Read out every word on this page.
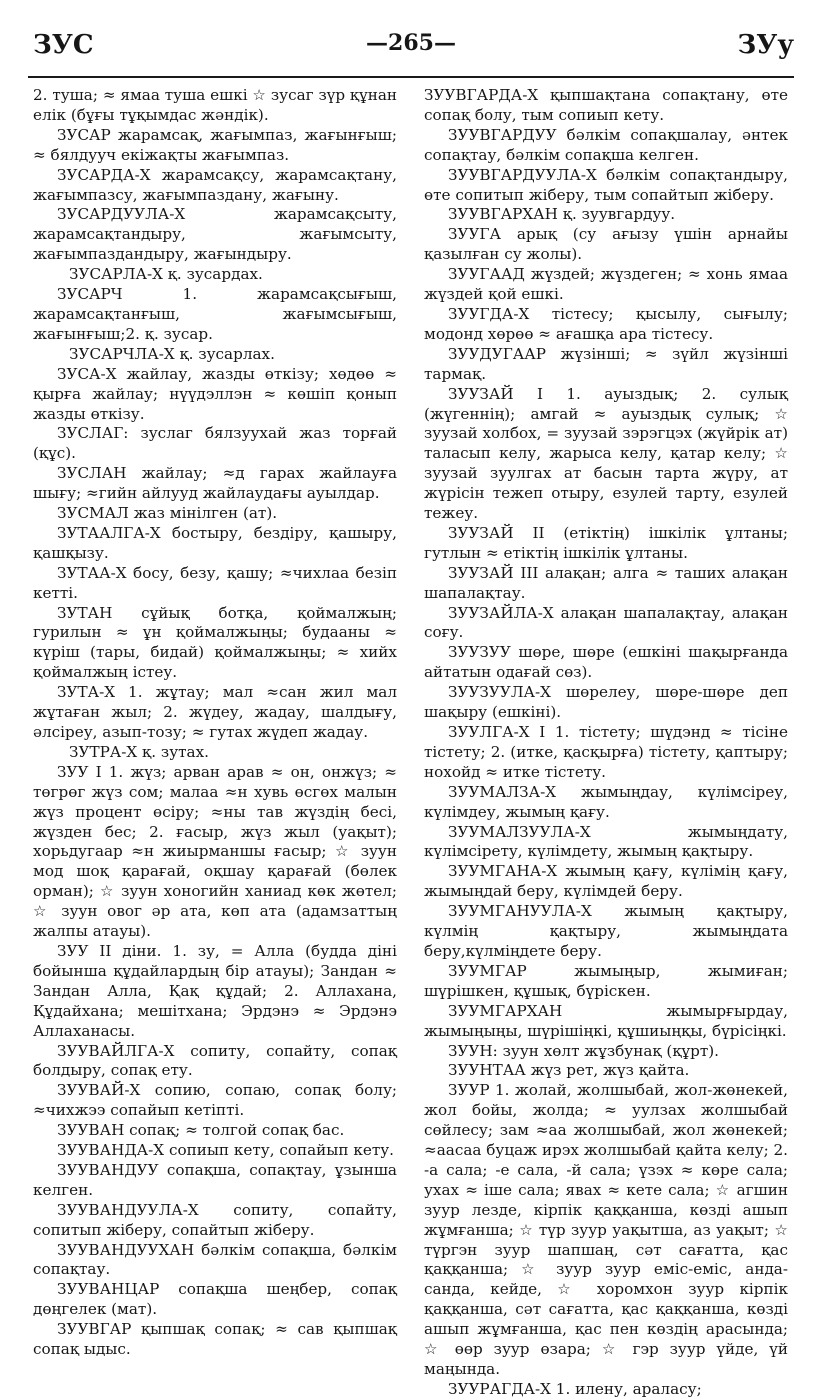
ЗУС	—265—	ЗУу

2. туша; ≈ ямаа туша ешкі ☆ зусаг зүр құнан елік (бұғы тұқымдас жәндік).

ЗУСАР жарамсақ, жағымпаз, жағынғыш; ≈ бялдууч екіжақты жағымпаз.

ЗУСАРДА-Х жарамсақсу, жарамсақтану, жағымпазсу, жағымпаздану, жағыну.

ЗУСАРДУУЛА-Х жарамсақсыту, жарамсақтандыру, жағымсыту, жағымпаздандыру, жағындыру.

ЗУСАРЛА-Х қ. зусардах.

ЗУСАРЧ 1. жарамсақсығыш, жарамсақтанғыш, жағымсығыш, жағынғыш;2. қ. зусар.

ЗУСАРЧЛА-Х қ. зусарлах.

ЗУСА-Х жайлау, жазды өткізу; хөдөө ≈ қырға жайлау; нүүдэллэн ≈ көшіп қонып жазды өткізу.

ЗУСЛАГ: зуслаг бялзуухай жаз торғай (құс).

ЗУСЛАН жайлау; ≈д гарах жайлауға шығу; ≈гийн айлууд жайлаудағы ауылдар.

ЗУСМАЛ жаз мінілген (ат).

ЗУТААЛГА-Х бостыру, бездіру, қашыру, қашқызу.

ЗУТАА-Х босу, безу, қашу; ≈чихлаа безіп кетті.

ЗУТАН сұйық ботқа, қоймалжың; гурилын ≈ ұн қоймалжыңы; будааны ≈ күріш (тары, бидай) қоймалжыңы; ≈ хийх қоймалжың істеу.

ЗУТА-Х 1. жұтау; мал ≈сан жил мал жұтаған жыл; 2. жүдеу, жадау, шалдығу, әлсіреу, азып-тозу; ≈ гутах жүдеп жадау.

ЗУТРА-Х қ. зутах.

ЗУУ I 1. жүз; арван арав ≈ он, онжүз; ≈ төгрөг жүз сом; малаа ≈н хувь өсгөх малын жүз процент өсіру; ≈ны тав жүздің бесі, жүзден бес; 2. ғасыр, жүз жыл (уақыт); хорьдугаар ≈н жиырманшы ғасыр; ☆ зуун мод шоқ қарағай, оқшау қарағай (бөлек орман); ☆ зуун хоногийн ханиад көк жөтел; ☆ зуун овог әр ата, көп ата (адамзаттың жалпы атауы).

ЗУУ II діни. 1. зу, = Алла (будда діні бойынша құдайлардың бір атауы); Зандан ≈ Зандан Алла, Қақ құдай; 2. Аллахана, Құдайхана; мешітхана; Эрдэнэ ≈ Эрдэнэ Аллаханасы.

ЗУУВАЙЛГА-Х сопиту, сопайту, сопақ болдыру, сопақ ету.

ЗУУВАЙ-Х сопию, сопаю, сопақ болу; ≈чихжээ сопайып кетіпті.

ЗУУВАН сопақ; ≈ толгой сопақ бас.

ЗУУВАНДА-Х сопиып кету, сопайып кету.

ЗУУВАНДУУ сопақша, сопақтау, ұзынша келген.

ЗУУВАНДУУЛА-Х сопиту, сопайту, сопитып жіберу, сопайтып жіберу.

ЗУУВАНДУУХАН бәлкім сопақша, бәлкім сопақтау.

ЗУУВАНЦАР сопақша шеңбер, сопақ дөңгелек (мат).

ЗУУВГАР қыпшақ сопақ; ≈ сав қыпшақ сопақ ыдыс.

ЗУУВГАРДА-Х қыпшақтана сопақтану, өте сопақ болу, тым сопиып кету.

ЗУУВГАРДУУ бәлкім сопақшалау, әнтек сопақтау, бәлкім сопақша келген.

ЗУУВГАРДУУЛА-Х бәлкім сопақтандыру, өте сопитып жіберу, тым сопайтып жіберу.

ЗУУВГАРХАН қ. зуувгардуу.

ЗУУГА арық (су ағызу үшін арнайы қазылған су жолы).

ЗУУГААД жүздей; жүздеген; ≈ хонь ямаа жүздей қой ешкі.

ЗУУГДА-Х тістесу; қысылу, сығылу; модонд хөрөө ≈ ағашқа ара тістесу.

ЗУУДУГААР жүзінші; ≈ зүйл жүзінші тармақ.

ЗУУЗАЙ I 1. ауыздық; 2. сулық (жүгеннің); амгай ≈ ауыздық сулық; ☆ зуузай холбох, = зуузай зэрэгцэх (жүйрік ат) таласып келу, жарыса келу, қатар келу; ☆ зуузай зуулгах ат басын тарта жүру, ат жүрісін тежеп отыру, езулей тарту, езулей тежеу.

ЗУУЗАЙ II (етіктің) ішкілік ұлтаны; гутлын ≈ етіктің ішкілік ұлтаны.

ЗУУЗАЙ III алақан; алга ≈ таших алақан шапалақтау.

ЗУУЗАЙЛА-Х алақан шапалақтау, алақан соғу.

ЗУУЗУУ шөре, шөре (ешкіні шақырғанда айтатын одағай сөз).

ЗУУЗУУЛА-Х шөрелеу, шөре-шөре деп шақыру (ешкіні).

ЗУУЛГА-Х I 1. тістету; шүдэнд ≈ тісіне тістету; 2. (итке, қасқырға) тістету, қаптыру; нохойд ≈ итке тістету.

ЗУУМАЛЗА-Х жымыңдау, күлімсіреу, күлімдеу, жымың қағу.

ЗУУМАЛЗУУЛА-Х жымыңдату, күлімсірету, күлімдету, жымың қақтыру.

ЗУУМГАНА-Х жымың қағу, күлімің қағу, жымыңдай беру, күлімдей беру.

ЗУУМГАНУУЛА-Х жымың қақтыру, күлмің қақтыру, жымыңдата беру,күлміңдете беру.

ЗУУМГАР жымыңыр, жымиған; шүрішкен, құшық, бүріскен.

ЗУУМГАРХАН жымырғырдау, жымыңыңы, шүрішіңкі, құшиыңқы, бүрісіңкі.

ЗУУН: зуун хөлт жұзбунақ (құрт).

ЗУУНТАА жүз рет, жүз қайта.

ЗУУР 1. жолай, жолшыбай, жол-жөнекей, жол бойы, жолда; ≈ уулзах жолшыбай сөйлесу; зам ≈аа жолшыбай, жол жөнекей; ≈аасаа буцаж ирэх жолшыбай қайта келу; 2. -а сала; -е сала, -й сала; үзэх ≈ көре сала; ухах ≈ іше сала; явах ≈ кете сала; ☆ агшин зуур лезде, кірпік қаққанша, көзді ашып жұмғанша; ☆ түр зуур уақытша, аз уақыт; ☆ түргэн зуур шапшаң, сәт сағатта, қас қаққанша; ☆ зуур зуур еміс-еміс, анда-санда, кейде, ☆ хоромхон зуур кірпік қаққанша, сәт сағатта, қас қаққанша, көзді ашып жұмғанша, қас пен көздің арасында; ☆ өөр зуур өзара; ☆ гэр зуур үйде, үй маңында.

ЗУУРАГДА-Х 1. илену, араласу;
